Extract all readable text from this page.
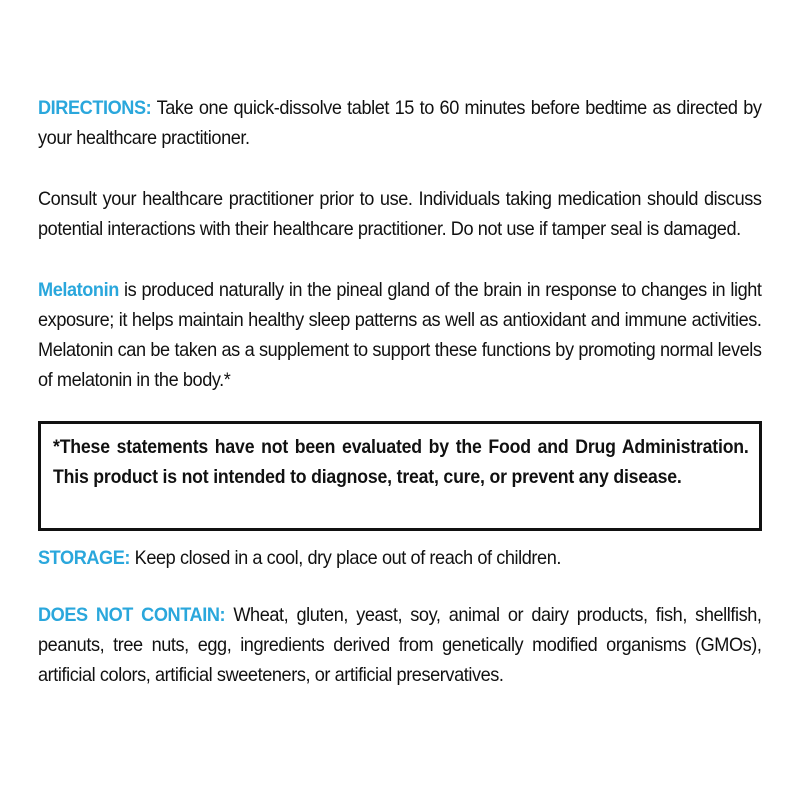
DIRECTIONS: Take one quick-dissolve tablet 15 to 60 minutes before bedtime as directed by your healthcare practitioner.

Consult your healthcare practitioner prior to use. Individuals taking medication should discuss potential interactions with their healthcare practitioner. Do not use if tamper seal is damaged.

Melatonin is produced naturally in the pineal gland of the brain in response to changes in light exposure; it helps maintain healthy sleep patterns as well as antioxidant and immune activities. Melatonin can be taken as a supplement to support these functions by promoting normal levels of melatonin in the body.*

*These statements have not been evaluated by the Food and Drug Administration. This product is not intended to diagnose, treat, cure, or prevent any disease.

STORAGE: Keep closed in a cool, dry place out of reach of children.

DOES NOT CONTAIN: Wheat, gluten, yeast, soy, animal or dairy products, fish, shellfish, peanuts, tree nuts, egg, ingredients derived from genetically modified organisms (GMOs), artificial colors, artificial sweeteners, or artificial preservatives.
